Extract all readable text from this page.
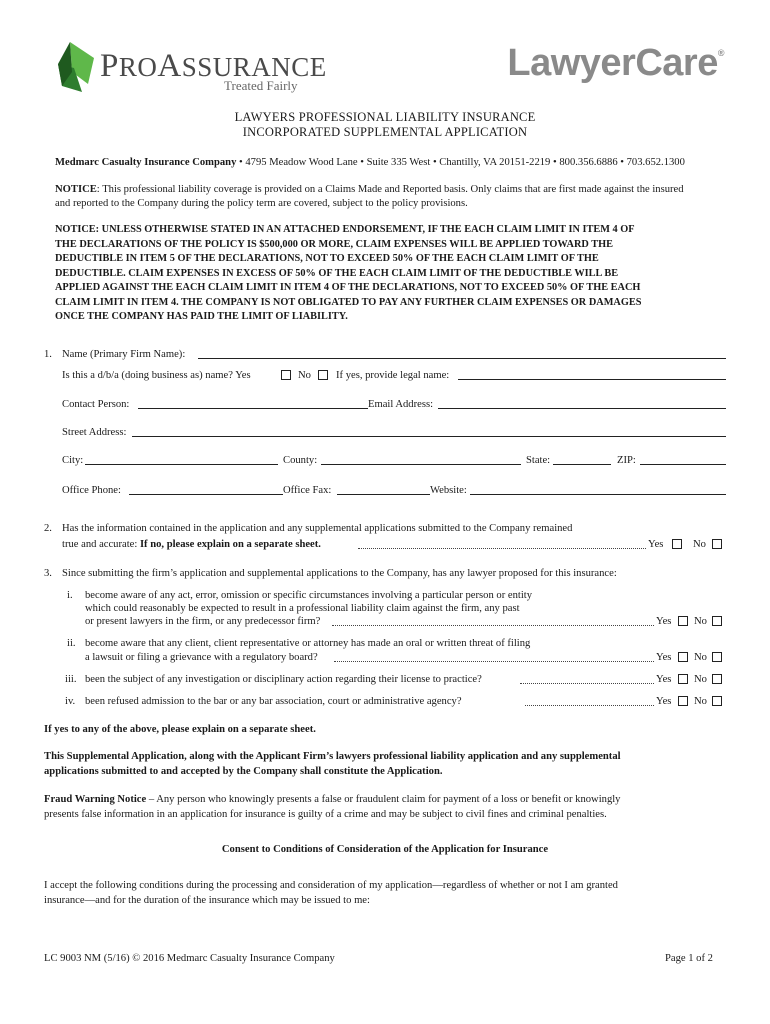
PROASSURANCE
Treated Fairly
LawyerCare®
LAWYERS PROFESSIONAL LIABILITY INSURANCE
INCORPORATED SUPPLEMENTAL APPLICATION
Medmarc Casualty Insurance Company • 4795 Meadow Wood Lane • Suite 335 West • Chantilly, VA 20151-2219 • 800.356.6886 • 703.652.1300
NOTICE: This professional liability coverage is provided on a Claims Made and Reported basis. Only claims that are first made against the insured
and reported to the Company during the policy term are covered, subject to the policy provisions.
NOTICE: UNLESS OTHERWISE STATED IN AN ATTACHED ENDORSEMENT, IF THE EACH CLAIM LIMIT IN ITEM 4 OF
THE DECLARATIONS OF THE POLICY IS $500,000 OR MORE, CLAIM EXPENSES WILL BE APPLIED TOWARD THE
DEDUCTIBLE IN ITEM 5 OF THE DECLARATIONS, NOT TO EXCEED 50% OF THE EACH CLAIM LIMIT OF THE
DEDUCTIBLE. CLAIM EXPENSES IN EXCESS OF 50% OF THE EACH CLAIM LIMIT OF THE DEDUCTIBLE WILL BE
APPLIED AGAINST THE EACH CLAIM LIMIT IN ITEM 4 OF THE DECLARATIONS, NOT TO EXCEED 50% OF THE EACH
CLAIM LIMIT IN ITEM 4. THE COMPANY IS NOT OBLIGATED TO PAY ANY FURTHER CLAIM EXPENSES OR DAMAGES
ONCE THE COMPANY HAS PAID THE LIMIT OF LIABILITY.
1. Name (Primary Firm Name):
Is this a d/b/a (doing business as) name? Yes	No If yes, provide legal name:
Contact Person:	Email Address:
Street Address:
City:	County:	State:	ZIP:
Office Phone:	Office Fax:	Website:
2. Has the information contained in the application and any supplemental applications submitted to the Company remained
true and accurate: If no, please explain on a separate sheet.	Yes	No
3. Since submitting the firm’s application and supplemental applications to the Company, has any lawyer proposed for this insurance:
i. become aware of any act, error, omission or specific circumstances involving a particular person or entity
which could reasonably be expected to result in a professional liability claim against the firm, any past
or present lawyers in the firm, or any predecessor firm?	Yes No
ii. become aware that any client, client representative or attorney has made an oral or written threat of filing
a lawsuit or filing a grievance with a regulatory board?	Yes No
iii. been the subject of any investigation or disciplinary action regarding their license to practice?	Yes No
iv. been refused admission to the bar or any bar association, court or administrative agency?	Yes No
If yes to any of the above, please explain on a separate sheet.
This Supplemental Application, along with the Applicant Firm’s lawyers professional liability application and any supplemental
applications submitted to and accepted by the Company shall constitute the Application.
Fraud Warning Notice – Any person who knowingly presents a false or fraudulent claim for payment of a loss or benefit or knowingly
presents false information in an application for insurance is guilty of a crime and may be subject to civil fines and criminal penalties.
Consent to Conditions of Consideration of the Application for Insurance
I accept the following conditions during the processing and consideration of my application—regardless of whether or not I am granted
insurance—and for the duration of the insurance which may be issued to me:
LC 9003 NM (5/16) © 2016 Medmarc Casualty Insurance Company	Page 1 of 2
